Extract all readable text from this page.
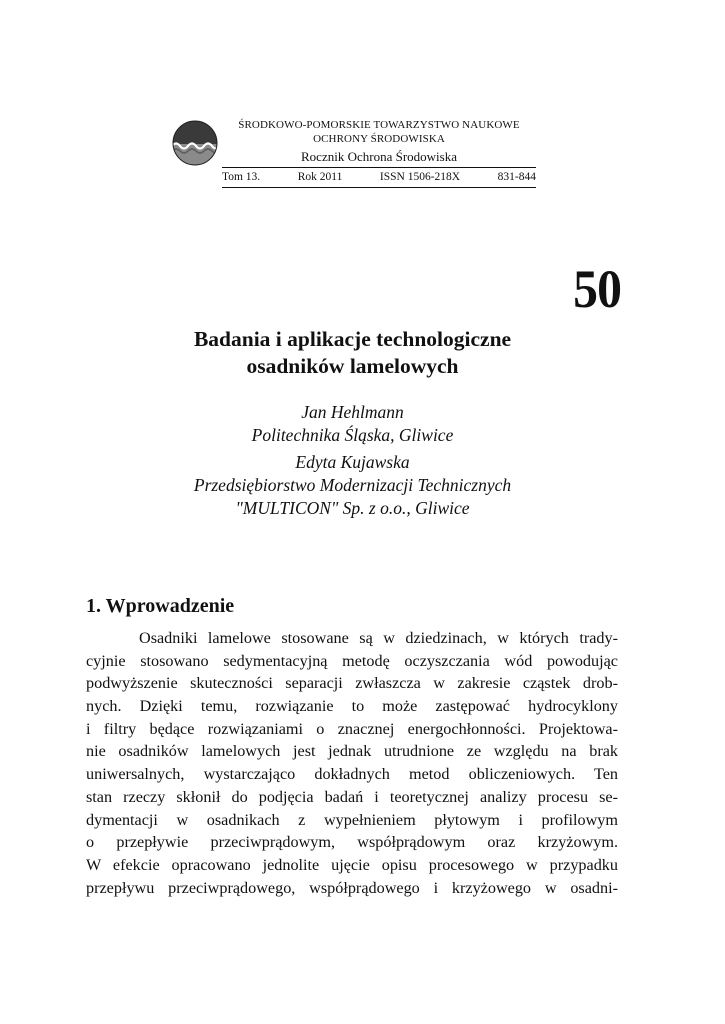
ŚRODKOWO-POMORSKIE TOWARZYSTWO NAUKOWE
OCHRONY ŚRODOWISKA
Rocznik Ochrona Środowiska
Tom 13.	Rok 2011	ISSN 1506-218X	831-844
50
Badania i aplikacje technologiczne
osadników lamelowych
Jan Hehlmann
Politechnika Śląska, Gliwice
Edyta Kujawska
Przedsiębiorstwo Modernizacji Technicznych
"MULTICON" Sp. z o.o., Gliwice
1. Wprowadzenie
Osadniki lamelowe stosowane są w dziedzinach, w których trady-
cyjnie stosowano sedymentacyjną metodę oczyszczania wód powodując
podwyższenie skuteczności separacji zwłaszcza w zakresie cząstek drob-
nych. Dzięki temu, rozwiązanie to może zastępować hydrocyklony
i filtry będące rozwiązaniami o znacznej energochłonności. Projektowa-
nie osadników lamelowych jest jednak utrudnione ze względu na brak
uniwersalnych, wystarczająco dokładnych metod obliczeniowych. Ten
stan rzeczy skłonił do podjęcia badań i teoretycznej analizy procesu se-
dymentacji w osadnikach z wypełnieniem płytowym i profilowym
o przepływie przeciwprądowym, współprądowym oraz krzyżowym.
W efekcie opracowano jednolite ujęcie opisu procesowego w przypadku
przepływu przeciwprądowego, współprądowego i krzyżowego w osadni-
